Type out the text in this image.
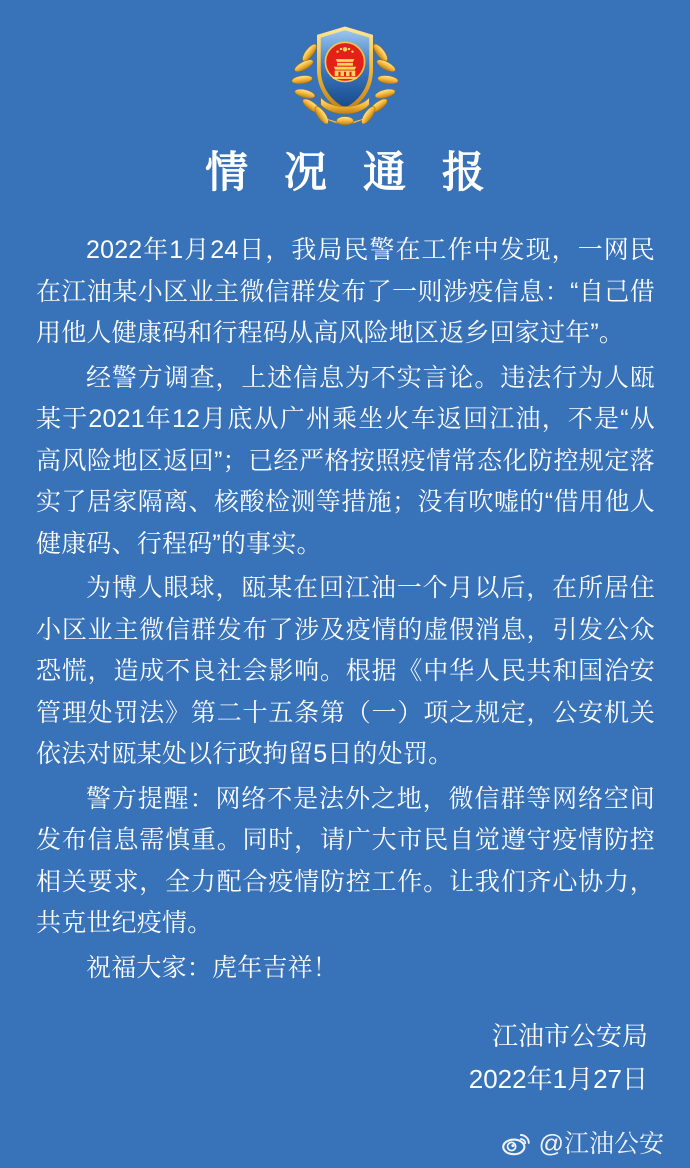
情 况 通 报

2022年1月24日，我局民警在工作中发现，一网民在江油某小区业主微信群发布了一则涉疫信息：“自己借用他人健康码和行程码从高风险地区返乡回家过年”。

经警方调查，上述信息为不实言论。违法行为人瓯某于2021年12月底从广州乘坐火车返回江油，不是“从高风险地区返回”；已经严格按照疫情常态化防控规定落实了居家隔离、核酸检测等措施；没有吹嘘的“借用他人健康码、行程码”的事实。

为博人眼球，瓯某在回江油一个月以后，在所居住小区业主微信群发布了涉及疫情的虚假消息，引发公众恐慌，造成不良社会影响。根据《中华人民共和国治安管理处罚法》第二十五条第（一）项之规定，公安机关依法对瓯某处以行政拘留5日的处罚。

警方提醒：网络不是法外之地，微信群等网络空间发布信息需慎重。同时，请广大市民自觉遵守疫情防控相关要求，全力配合疫情防控工作。让我们齐心协力，共克世纪疫情。

祝福大家：虎年吉祥！

江油市公安局
2022年1月27日
@江油公安
